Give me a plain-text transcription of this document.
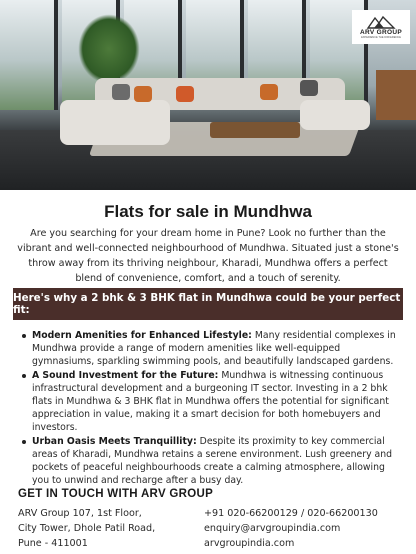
ARV GROUP
EXPERIENCE THE DIFFERENCE
Flats for sale in Mundhwa

Are you searching for your dream home in Pune? Look no further than the vibrant and well-connected neighbourhood of Mundhwa. Situated just a stone's throw away from its thriving neighbour, Kharadi, Mundhwa offers a perfect blend of convenience, comfort, and a touch of serenity.

Here's why a 2 bhk & 3 BHK flat in Mundhwa could be your perfect fit:
Modern Amenities for Enhanced Lifestyle: Many residential complexes in Mundhwa provide a range of modern amenities like well-equipped gymnasiums, sparkling swimming pools, and beautifully landscaped gardens.
A Sound Investment for the Future: Mundhwa is witnessing continuous infrastructural development and a burgeoning IT sector. Investing in a 2 bhk flats in Mundhwa & 3 BHK flat in Mundhwa offers the potential for significant appreciation in value, making it a smart decision for both homebuyers and investors.
Urban Oasis Meets Tranquillity: Despite its proximity to key commercial areas of Kharadi, Mundhwa retains a serene environment. Lush greenery and pockets of peaceful neighbourhoods create a calming atmosphere, allowing you to unwind and recharge after a busy day.
GET IN TOUCH WITH ARV GROUP
ARV Group 107, 1st Floor,
City Tower, Dhole Patil Road,
Pune - 411001
+91 020-66200129 / 020-66200130
enquiry@arvgroupindia.com
arvgroupindia.com
